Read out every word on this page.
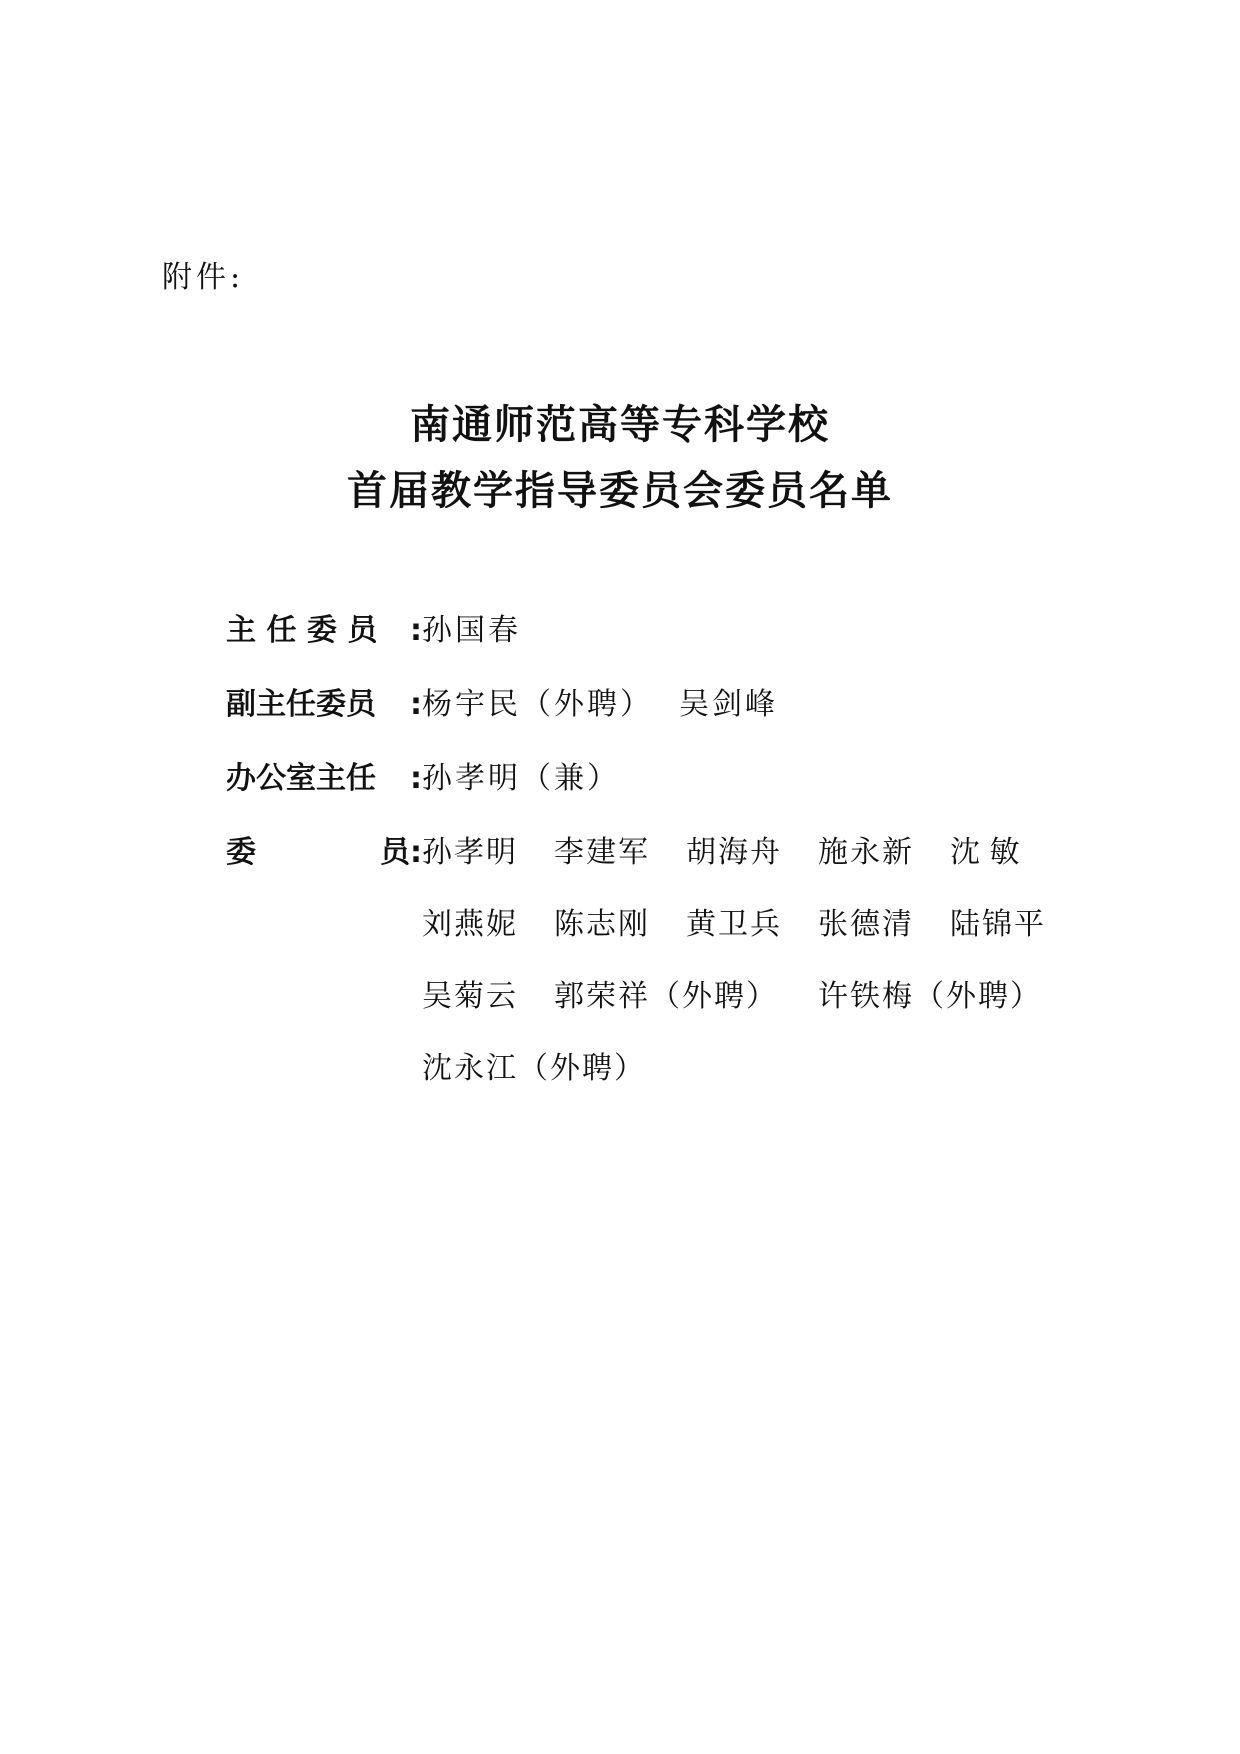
附件:
南通师范高等专科学校
首届教学指导委员会委员名单
主 任 委 员	: 孙国春
副主任委员	: 杨宇民（外聘） 吴剑峰
办公室主任	: 孙孝明（兼）
委	员 : 孙孝明	李建军	胡海舟	施永新	沈 敏
刘燕妮	陈志刚	黄卫兵	张德清	陆锦平
吴菊云	郭荣祥（外聘）	许铁梅（外聘）
沈永江（外聘）
